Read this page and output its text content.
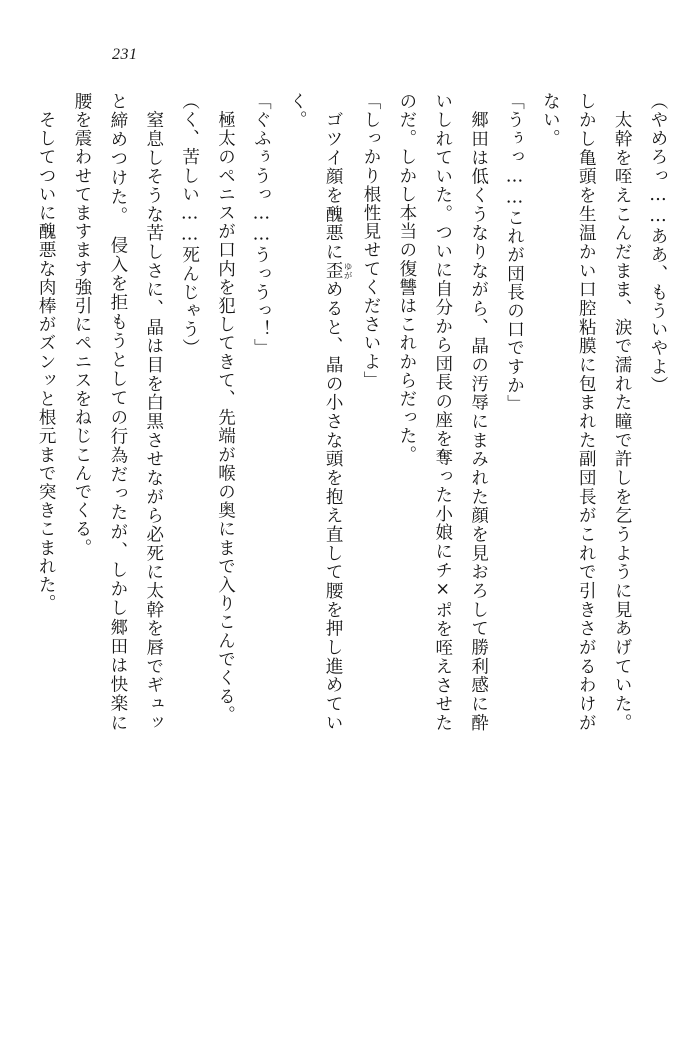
231

（やめろっ……ああ、もういやよ）

　太幹を咥えこんだまま、涙で濡れた瞳で許しを乞うように見あげていた。しかし亀頭を生温かい口腔粘膜に包まれた副団長がこれで引きさがるわけがない。

「うぅっ……これが団長の口ですか」

　郷田は低くうなりながら、晶の汚辱にまみれた顔を見おろして勝利感に酔いしれていた。ついに自分から団長の座を奪った小娘にチ×ポを咥えさせたのだ。しかし本当の復讐はこれからだった。

「しっかり根性見せてくださいよ」

　ゴツイ顔を醜悪に歪 ゆがめると、晶の小さな頭を抱え直して腰を押し進めていく。

「ぐふぅうっ……うっうっ！」

　極太のペニスが口内を犯してきて、先端が喉の奥にまで入りこんでくる。

（く、苦しい……死んじゃう）

　窒息しそうな苦しさに、晶は目を白黒させながら必死に太幹を唇でギュッと締めつけた。　侵入を拒もうとしての行為だったが、しかし郷田は快楽に腰を震わせてますます強引にペニスをねじこんでくる。

　そしてついに醜悪な肉棒がズンッと根元まで突きこまれた。
